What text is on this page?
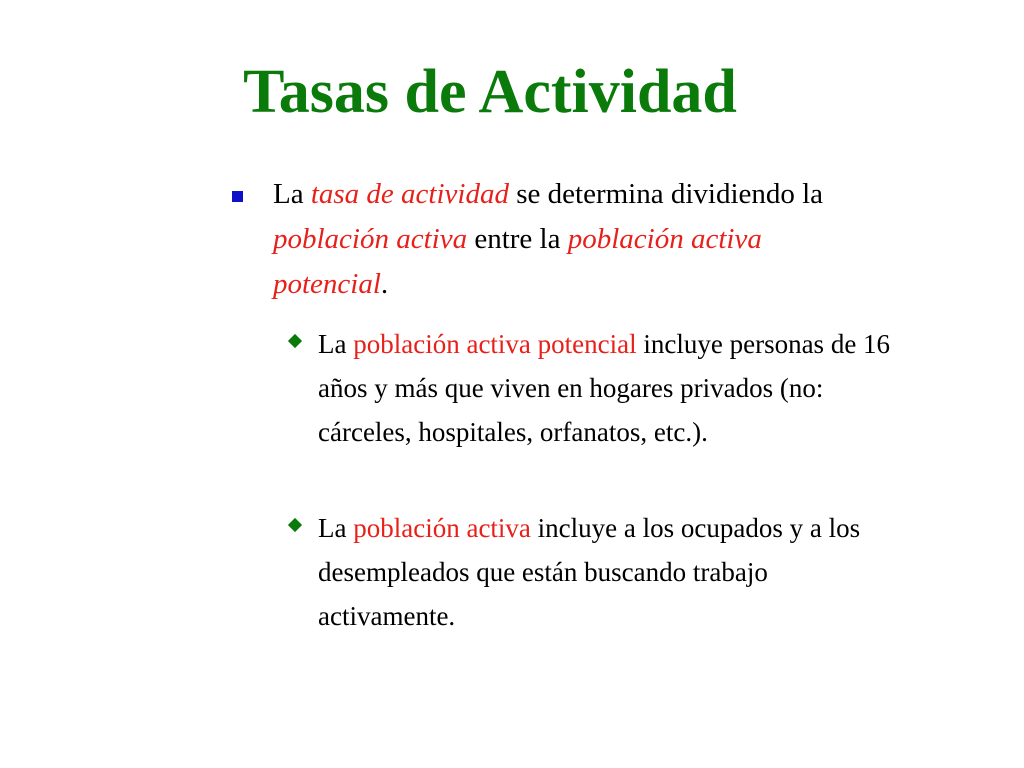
Tasas de Actividad
La tasa de actividad se determina dividiendo la población activa entre la población activa potencial.
La población activa potencial incluye personas de 16 años y más que viven en hogares privados (no: cárceles, hospitales, orfanatos, etc.).
La población activa incluye a los ocupados y a los desempleados que están buscando trabajo activamente.
